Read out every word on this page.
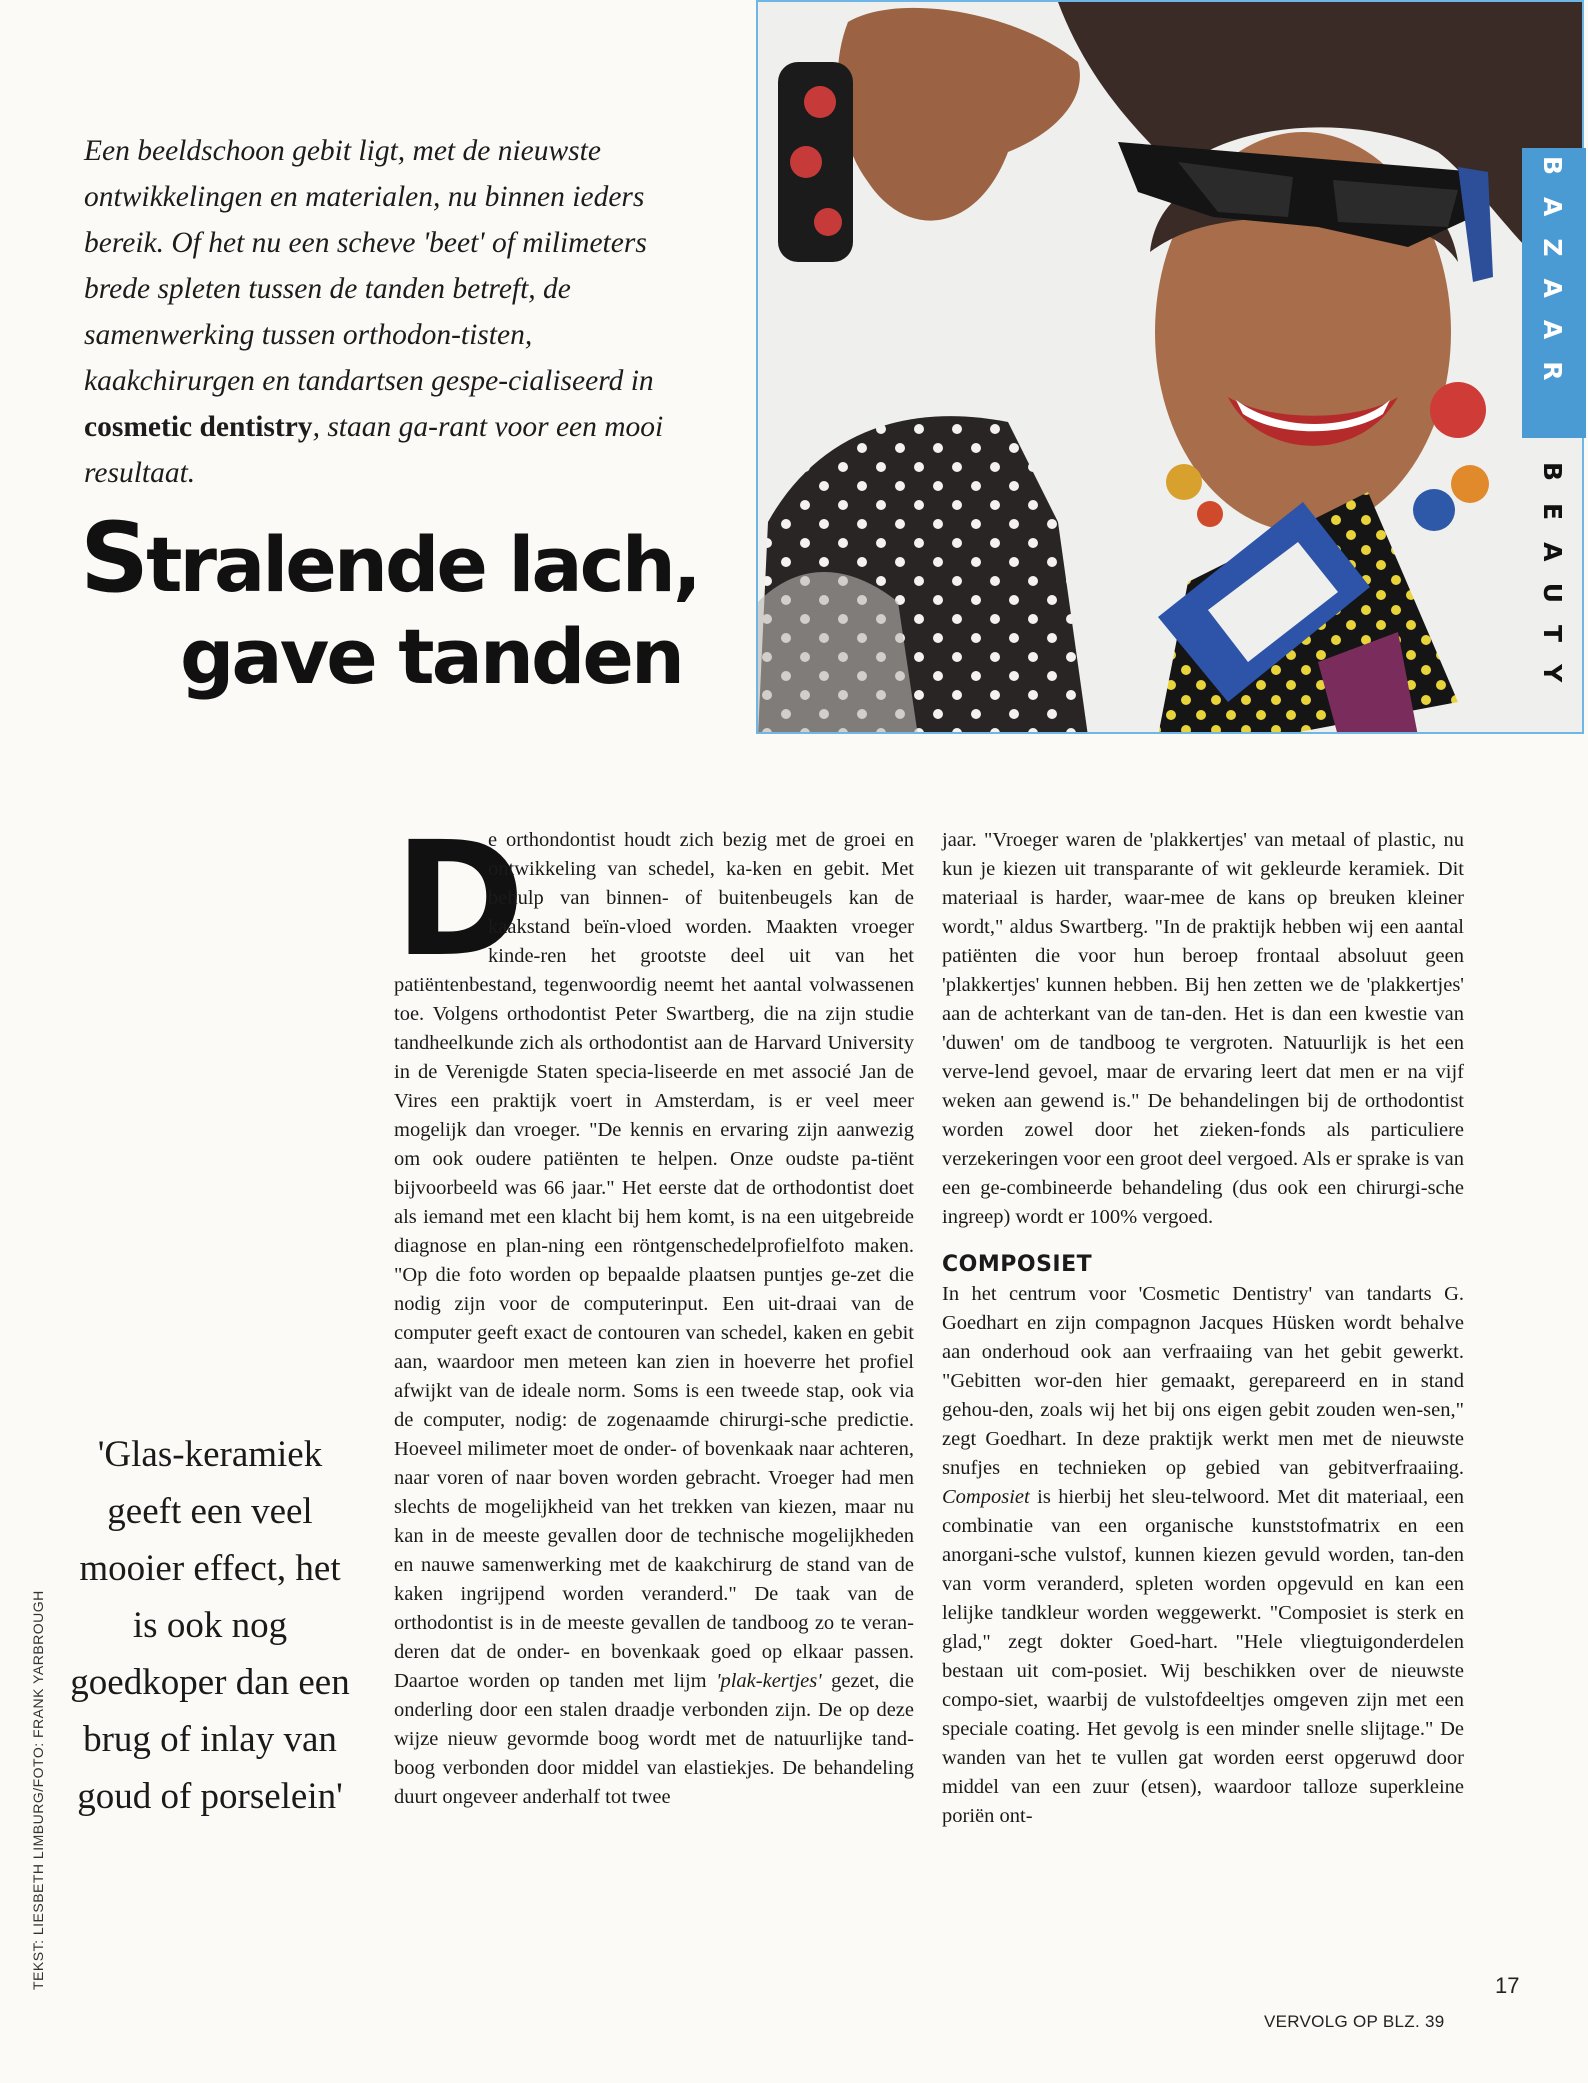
Een beeldschoon gebit ligt, met de nieuwste ontwikkelingen en materialen, nu binnen ieders bereik. Of het nu een scheve 'beet' of milimeters brede spleten tussen de tanden betreft, de samenwerking tussen orthodon-tisten, kaakchirurgen en tandartsen gespe-cialiseerd in cosmetic dentistry, staan ga-rant voor een mooi resultaat.
Stralende lach,
gave tanden
BAZAAR
BEAUTY
D
e orthondontist houdt zich bezig met de groei en ontwikkeling van schedel, ka-ken en gebit. Met behulp van binnen- of buitenbeugels kan de kaakstand beïn-vloed worden. Maakten vroeger kinde-ren het grootste deel uit van het patiëntenbestand, tegenwoordig neemt het aantal volwassenen toe. Volgens orthodontist Peter Swartberg, die na zijn studie tandheelkunde zich als orthodontist aan de Harvard University in de Verenigde Staten specia-liseerde en met associé Jan de Vires een praktijk voert in Amsterdam, is er veel meer mogelijk dan vroeger. "De kennis en ervaring zijn aanwezig om ook oudere patiënten te helpen. Onze oudste pa-tiënt bijvoorbeeld was 66 jaar." Het eerste dat de orthodontist doet als iemand met een klacht bij hem komt, is na een uitgebreide diagnose en plan-ning een röntgenschedelprofielfoto maken. "Op die foto worden op bepaalde plaatsen puntjes ge-zet die nodig zijn voor de computerinput. Een uit-draai van de computer geeft exact de contouren van schedel, kaken en gebit aan, waardoor men meteen kan zien in hoeverre het profiel afwijkt van de ideale norm. Soms is een tweede stap, ook via de computer, nodig: de zogenaamde chirurgi-sche predictie. Hoeveel milimeter moet de onder- of bovenkaak naar achteren, naar voren of naar boven worden gebracht. Vroeger had men slechts de mogelijkheid van het trekken van kiezen, maar nu kan in de meeste gevallen door de technische mogelijkheden en nauwe samenwerking met de kaakchirurg de stand van de kaken ingrijpend worden veranderd." De taak van de orthodontist is in de meeste gevallen de tandboog zo te veran-deren dat de onder- en bovenkaak goed op elkaar passen. Daartoe worden op tanden met lijm 'plak-kertjes' gezet, die onderling door een stalen draadje verbonden zijn. De op deze wijze nieuw gevormde boog wordt met de natuurlijke tand-boog verbonden door middel van elastiekjes. De behandeling duurt ongeveer anderhalf tot twee
jaar. "Vroeger waren de 'plakkertjes' van metaal of plastic, nu kun je kiezen uit transparante of wit gekleurde keramiek. Dit materiaal is harder, waar-mee de kans op breuken kleiner wordt," aldus Swartberg. "In de praktijk hebben wij een aantal patiënten die voor hun beroep frontaal absoluut geen 'plakkertjes' kunnen hebben. Bij hen zetten we de 'plakkertjes' aan de achterkant van de tan-den. Het is dan een kwestie van 'duwen' om de tandboog te vergroten. Natuurlijk is het een verve-lend gevoel, maar de ervaring leert dat men er na vijf weken aan gewend is." De behandelingen bij de orthodontist worden zowel door het zieken-fonds als particuliere verzekeringen voor een groot deel vergoed. Als er sprake is van een ge-combineerde behandeling (dus ook een chirurgi-sche ingreep) wordt er 100% vergoed.
COMPOSIET
In het centrum voor 'Cosmetic Dentistry' van tandarts G. Goedhart en zijn compagnon Jacques Hüsken wordt behalve aan onderhoud ook aan verfraaiing van het gebit gewerkt. "Gebitten wor-den hier gemaakt, gerepareerd en in stand gehou-den, zoals wij het bij ons eigen gebit zouden wen-sen," zegt Goedhart. In deze praktijk werkt men met de nieuwste snufjes en technieken op gebied van gebitverfraaiing. Composiet is hierbij het sleu-telwoord. Met dit materiaal, een combinatie van een organische kunststofmatrix en een anorgani-sche vulstof, kunnen kiezen gevuld worden, tan-den van vorm veranderd, spleten worden opgevuld en kan een lelijke tandkleur worden weggewerkt. "Composiet is sterk en glad," zegt dokter Goed-hart. "Hele vliegtuigonderdelen bestaan uit com-posiet. Wij beschikken over de nieuwste compo-siet, waarbij de vulstofdeeltjes omgeven zijn met een speciale coating. Het gevolg is een minder snelle slijtage." De wanden van het te vullen gat worden eerst opgeruwd door middel van een zuur (etsen), waardoor talloze superkleine poriën ont-
'Glas-keramiek geeft een veel mooier effect, het is ook nog goedkoper dan een brug of inlay van goud of porselein'
TEKST: LIESBETH LIMBURG/FOTO: FRANK YARBROUGH	17
VERVOLG OP BLZ. 39
